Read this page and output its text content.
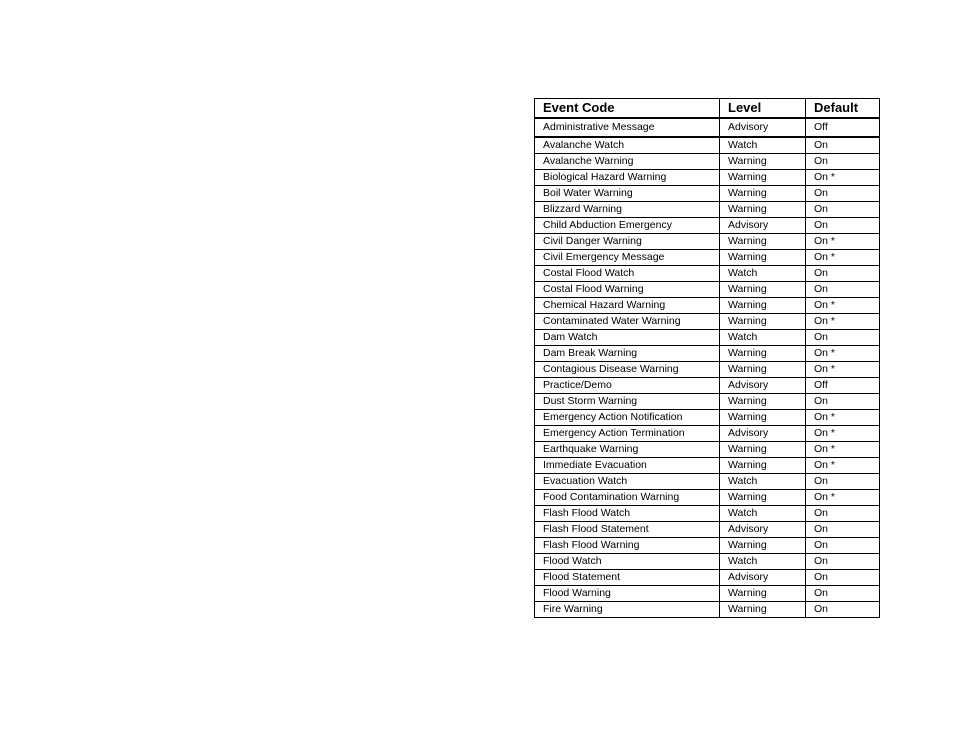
Event Code	Level	Default
Administrative Message	Advisory	Off
Avalanche Watch	Watch	On
Avalanche Warning	Warning	On
Biological Hazard Warning	Warning	On *
Boil Water Warning	Warning	On
Blizzard Warning	Warning	On
Child Abduction Emergency	Advisory	On
Civil Danger Warning	Warning	On *
Civil Emergency Message	Warning	On *
Costal Flood Watch	Watch	On
Costal Flood Warning	Warning	On
Chemical Hazard Warning	Warning	On *
Contaminated Water Warning	Warning	On *
Dam Watch	Watch	On
Dam Break Warning	Warning	On *
Contagious Disease Warning	Warning	On *
Practice/Demo	Advisory	Off
Dust Storm Warning	Warning	On
Emergency Action Notification	Warning	On *
Emergency Action Termination	Advisory	On *
Earthquake Warning	Warning	On *
Immediate Evacuation	Warning	On *
Evacuation Watch	Watch	On
Food Contamination Warning	Warning	On *
Flash Flood Watch	Watch	On
Flash Flood Statement	Advisory	On
Flash Flood Warning	Warning	On
Flood Watch	Watch	On
Flood Statement	Advisory	On
Flood Warning	Warning	On
Fire Warning	Warning	On
